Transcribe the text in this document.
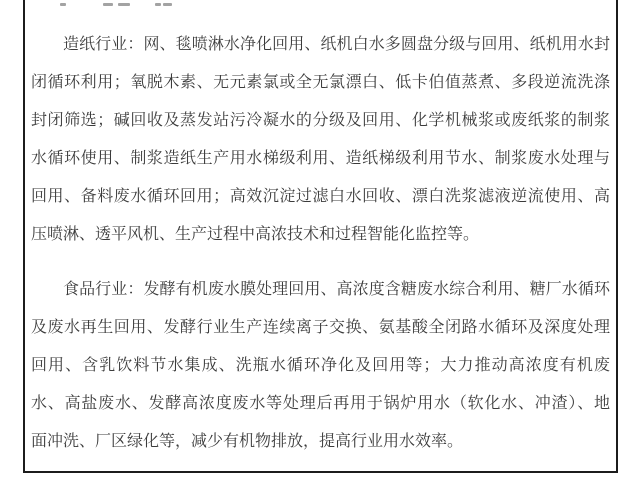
造纸行业：网、毯喷淋水净化回用、纸机白水多圆盘分级与回用、纸机用水封
闭循环利用；氧脱木素、无元素氯或全无氯漂白、低卡伯值蒸煮、多段逆流洗涤
封闭筛选；碱回收及蒸发站污冷凝水的分级及回用、化学机械浆或废纸浆的制浆
水循环使用、制浆造纸生产用水梯级利用、造纸梯级利用节水、制浆废水处理与
回用、备料废水循环回用；高效沉淀过滤白水回收、漂白洗浆滤液逆流使用、高
压喷淋、透平风机、生产过程中高浓技术和过程智能化监控等。
食品行业：发酵有机废水膜处理回用、高浓度含糖废水综合利用、糖厂水循环
及废水再生回用、发酵行业生产连续离子交换、氨基酸全闭路水循环及深度处理
回用、含乳饮料节水集成、洗瓶水循环净化及回用等；大力推动高浓度有机废
水、高盐废水、发酵高浓度废水等处理后再用于锅炉用水（软化水、冲渣）、地
面冲洗、厂区绿化等，减少有机物排放，提高行业用水效率。
